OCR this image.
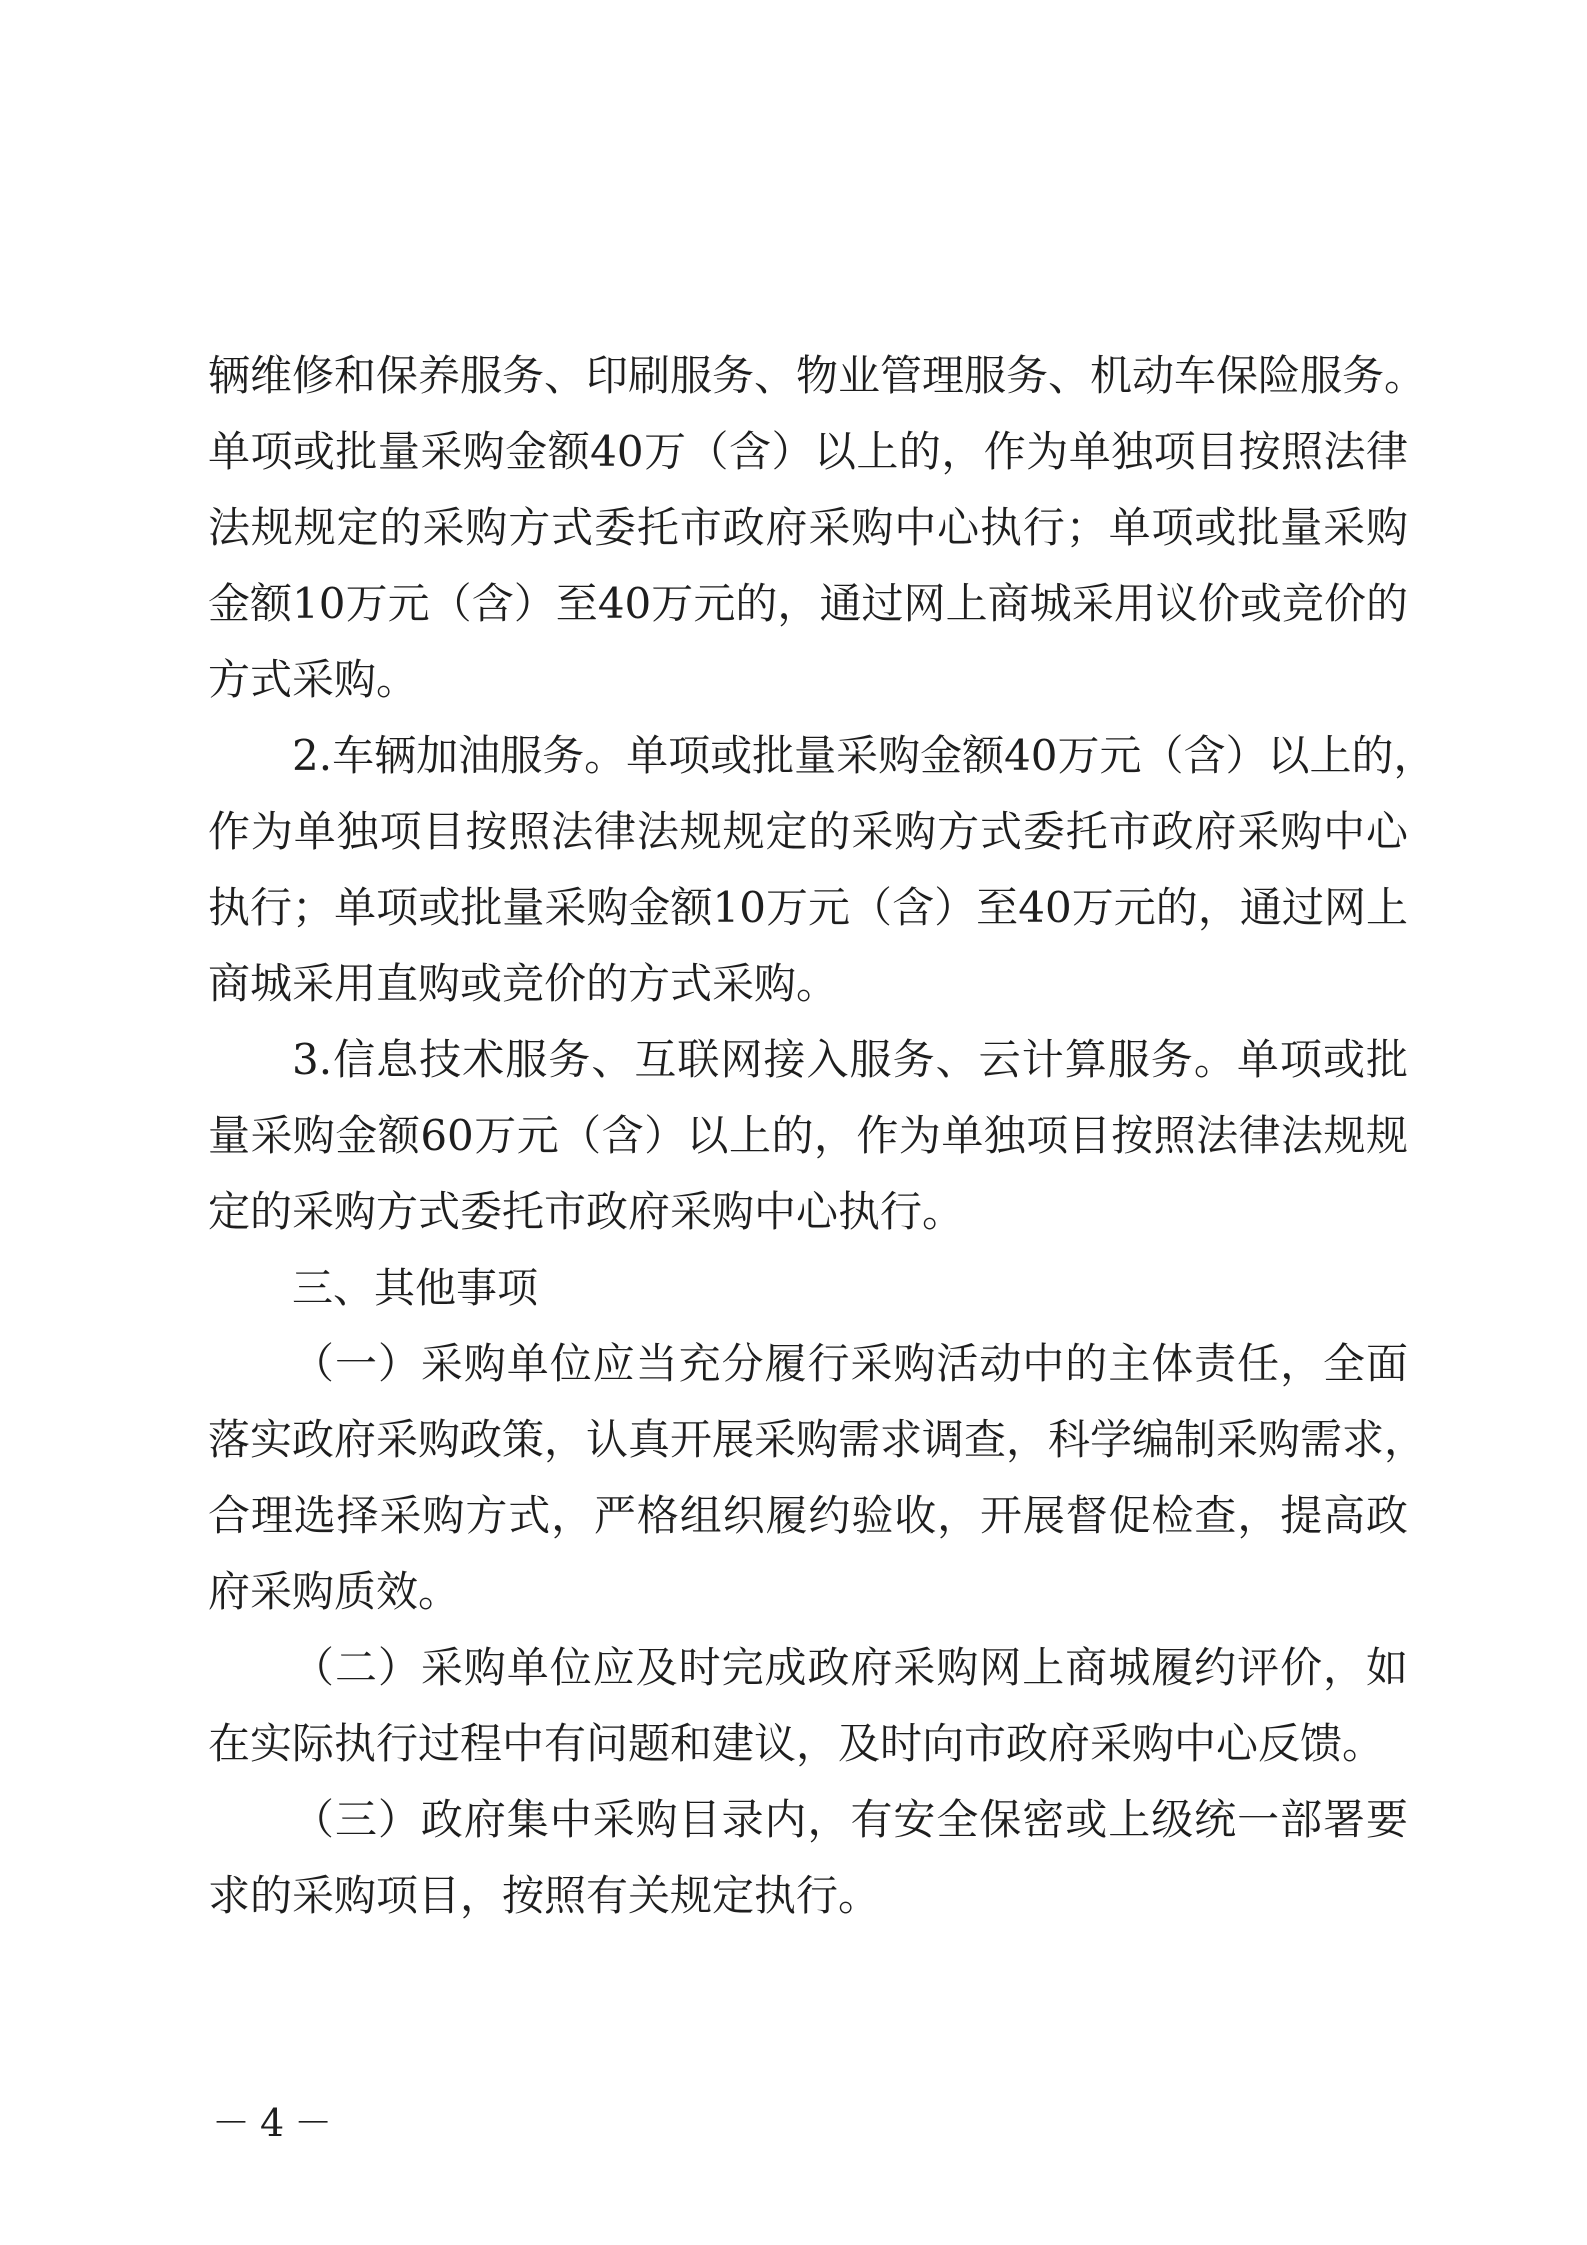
辆维修和保养服务、印刷服务、物业管理服务、机动车保险服务。
单项或批量采购金额40万（含）以上的，作为单独项目按照法律
法规规定的采购方式委托市政府采购中心执行；单项或批量采购
金额10万元（含）至40万元的，通过网上商城采用议价或竞价的
方式采购。
2.车辆加油服务。单项或批量采购金额40万元（含）以上的，
作为单独项目按照法律法规规定的采购方式委托市政府采购中心
执行；单项或批量采购金额10万元（含）至40万元的，通过网上
商城采用直购或竞价的方式采购。
3.信息技术服务、互联网接入服务、云计算服务。单项或批
量采购金额60万元（含）以上的，作为单独项目按照法律法规规
定的采购方式委托市政府采购中心执行。
三、其他事项
（一）采购单位应当充分履行采购活动中的主体责任，全面
落实政府采购政策，认真开展采购需求调查，科学编制采购需求，
合理选择采购方式，严格组织履约验收，开展督促检查，提高政
府采购质效。
（二）采购单位应及时完成政府采购网上商城履约评价，如
在实际执行过程中有问题和建议，及时向市政府采购中心反馈。
（三）政府集中采购目录内，有安全保密或上级统一部署要
求的采购项目，按照有关规定执行。
－4－
